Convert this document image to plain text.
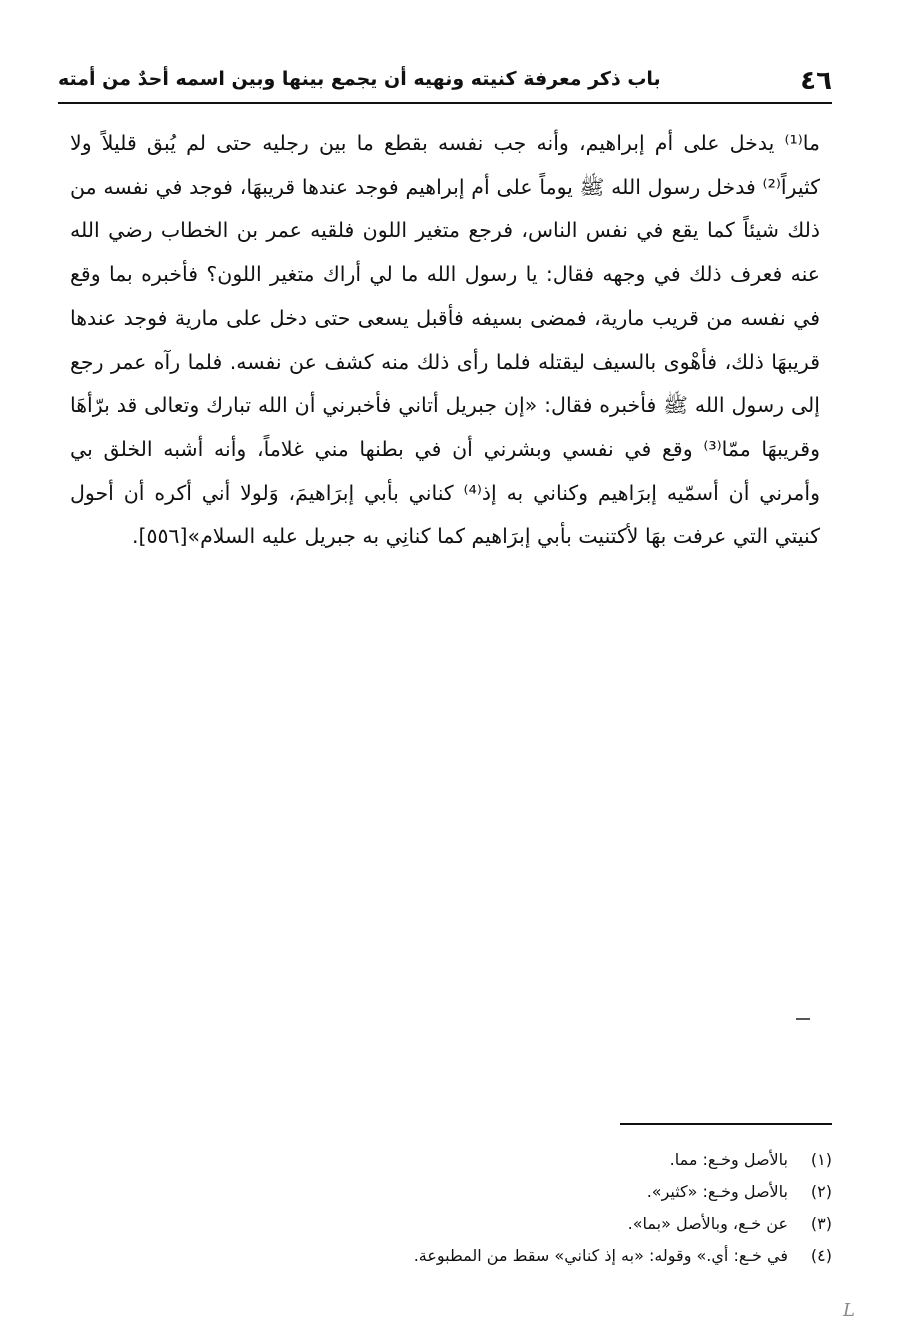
٤٦
باب ذكر معرفة كنيته ونهيه أن يجمع بينها وبين اسمه أحدٌ من أمته

ما⁽¹⁾ يدخل على أم إبراهيم، وأنه جب نفسه بقطع ما بين رجليه حتى لم يُبق قليلاً ولا كثيراً⁽²⁾ فدخل رسول الله ﷺ يوماً على أم إبراهيم فوجد عندها قريبهَا، فوجد في نفسه من ذلك شيئاً كما يقع في نفس الناس، فرجع متغير اللون فلقيه عمر بن الخطاب رضي الله عنه فعرف ذلك في وجهه فقال: يا رسول الله ما لي أراك متغير اللون؟ فأخبره بما وقع في نفسه من قريب مارية، فمضى بسيفه فأقبل يسعى حتى دخل على مارية فوجد عندها قريبهَا ذلك، فأهْوى بالسيف ليقتله فلما رأى ذلك منه كشف عن نفسه. فلما رآه عمر رجع إلى رسول الله ﷺ فأخبره فقال: «إن جبريل أتاني فأخبرني أن الله تبارك وتعالى قد برّأهَا وقريبهَا ممّا⁽³⁾ وقع في نفسي وبشرني أن في بطنها مني غلاماً، وأنه أشبه الخلق بي وأمرني أن أسمّيه إبرَاهيم وكناني به إذ⁽⁴⁾ كناني بأبي إبرَاهيمَ، وَلولا أني أكره أن أحول كنيتي التي عرفت بهَا لأكتنيت بأبي إبرَاهيم كما كنانِي به جبريل عليه السلام»[٥٥٦].

(١)
بالأصل وخـع: مما.
(٢)
بالأصل وخـع: «كثير».
(٣)
عن خـع، وبالأصل «بما».
(٤)
في خـع: أي.» وقوله: «به إذ كناني» سقط من المطبوعة.
L
